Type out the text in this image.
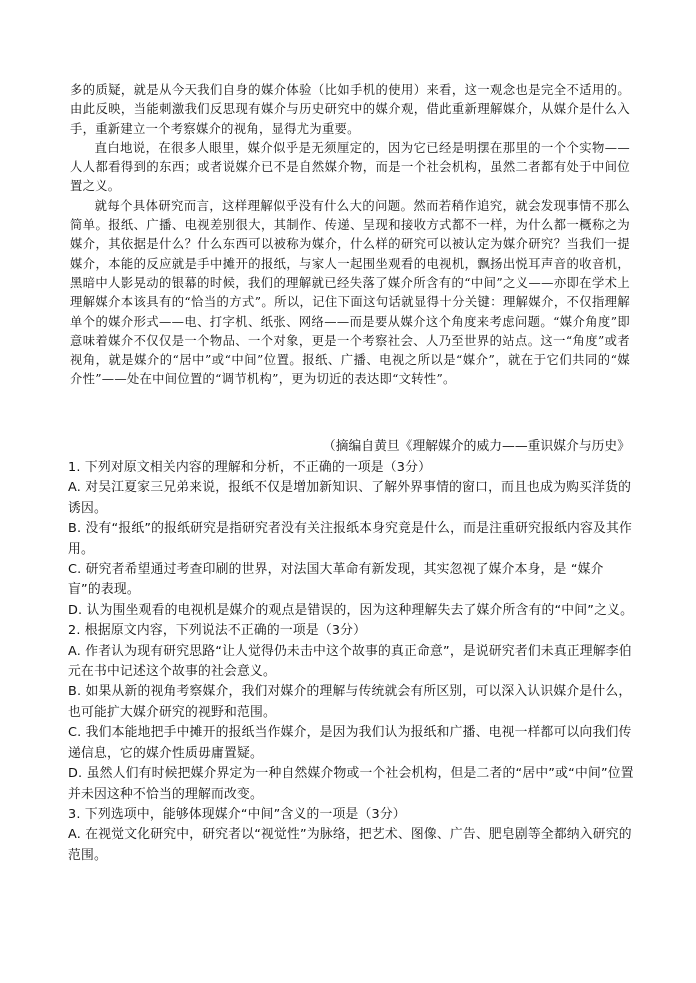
多的质疑，就是从今天我们自身的媒介体验（比如手机的使用）来看，这一观念也是完全不适用的。由此反映，当能刺激我们反思现有媒介与历史研究中的媒介观，借此重新理解媒介，从媒介是什么入手，重新建立一个考察媒介的视角，显得尤为重要。

直白地说，在很多人眼里，媒介似乎是无须厘定的，因为它已经是明摆在那里的一个个实物——人人都看得到的东西；或者说媒介已不是自然媒介物，而是一个社会机构，虽然二者都有处于中间位置之义。

就每个具体研究而言，这样理解似乎没有什么大的问题。然而若稍作追究，就会发现事情不那么简单。报纸、广播、电视差别很大，其制作、传递、呈现和接收方式都不一样，为什么都一概称之为媒介，其依据是什么？什么东西可以被称为媒介，什么样的研究可以被认定为媒介研究？当我们一提媒介，本能的反应就是手中摊开的报纸，与家人一起围坐观看的电视机，飘扬出悦耳声音的收音机，黑暗中人影晃动的银幕的时候，我们的理解就已经失落了媒介所含有的“中间”之义——亦即在学术上理解媒介本该具有的“恰当的方式”。所以，记住下面这句话就显得十分关键：理解媒介，不仅指理解单个的媒介形式——电、打字机、纸张、网络——而是要从媒介这个角度来考虑问题。“媒介角度”即意味着媒介不仅仅是一个物品、一个对象，更是一个考察社会、人乃至世界的站点。这一“角度”或者视角，就是媒介的“居中”或“中间”位置。报纸、广播、电视之所以是“媒介”，就在于它们共同的“媒介性”——处在中间位置的“调节机构”，更为切近的表达即“文转性”。

（摘编自黄旦《理解媒介的威力——重识媒介与历史》

1. 下列对原文相关内容的理解和分析，不正确的一项是（3分）

A. 对吴江夏家三兄弟来说，报纸不仅是增加新知识、了解外界事情的窗口，而且也成为购买洋货的诱因。

B. 没有“报纸”的报纸研究是指研究者没有关注报纸本身究竟是什么，而是注重研究报纸内容及其作用。

C. 研究者希望通过考查印刷的世界，对法国大革命有新发现，其实忽视了媒介本身，是 “媒介盲”的表现。

D. 认为围坐观看的电视机是媒介的观点是错误的，因为这种理解失去了媒介所含有的“中间”之义。

2. 根据原文内容，下列说法不正确的一项是（3分）

A. 作者认为现有研究思路“让人觉得仍未击中这个故事的真正命意”，是说研究者们未真正理解李伯元在书中记述这个故事的社会意义。

B. 如果从新的视角考察媒介，我们对媒介的理解与传统就会有所区别，可以深入认识媒介是什么，也可能扩大媒介研究的视野和范围。

C. 我们本能地把手中摊开的报纸当作媒介，是因为我们认为报纸和广播、电视一样都可以向我们传递信息，它的媒介性质毋庸置疑。

D. 虽然人们有时候把媒介界定为一种自然媒介物或一个社会机构，但是二者的“居中”或“中间”位置并未因这种不恰当的理解而改变。

3. 下列选项中，能够体现媒介“中间”含义的一项是（3分）

A. 在视觉文化研究中，研究者以“视觉性”为脉络，把艺术、图像、广告、肥皂剧等全都纳入研究的范围。
